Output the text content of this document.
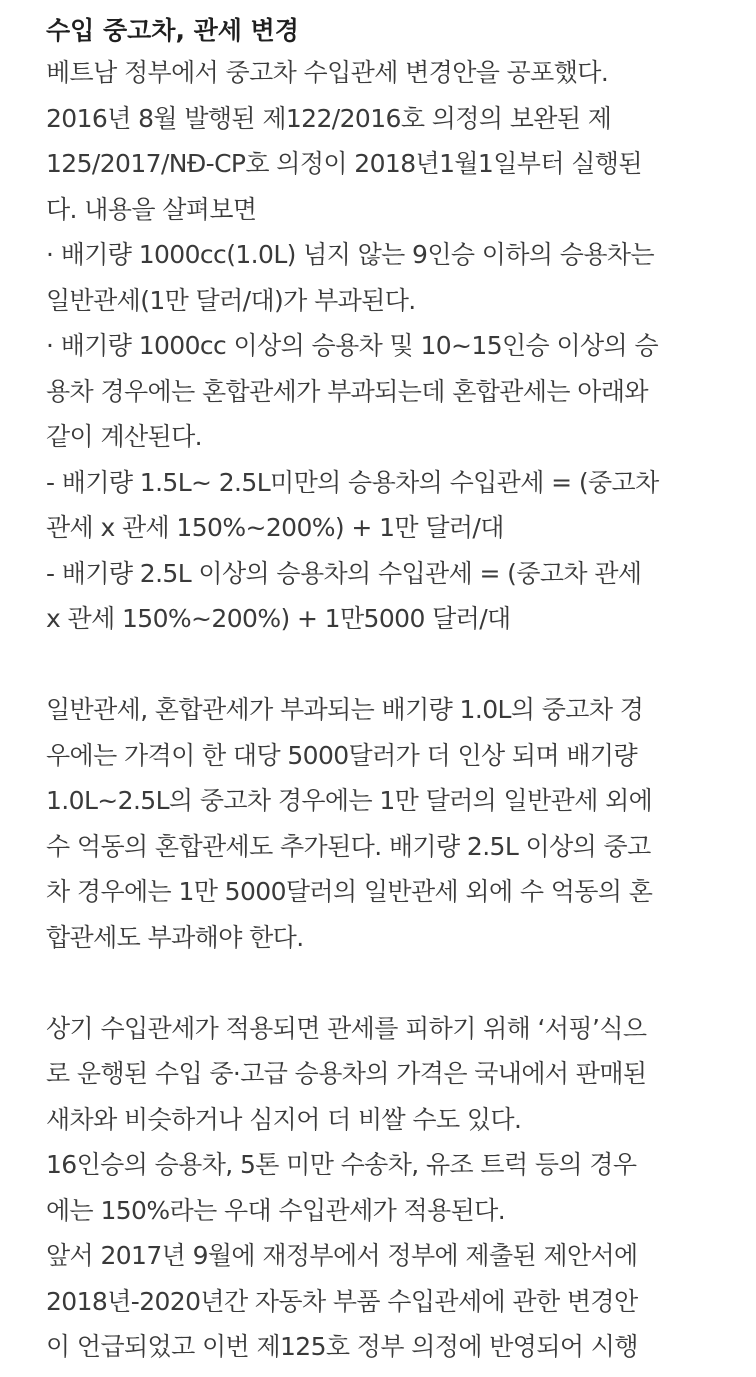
수입 중고차, 관세 변경
베트남 정부에서 중고차 수입관세 변경안을 공포했다.
2016년 8월 발행된 제122/2016호 의정의 보완된 제
125/2017/NĐ-CP호 의정이 2018년1월1일부터 실행된
다. 내용을 살펴보면
· 배기량 1000cc(1.0L) 넘지 않는 9인승 이하의 승용차는
일반관세(1만 달러/대)가 부과된다.
· 배기량 1000cc 이상의 승용차 및 10~15인승 이상의 승
용차 경우에는 혼합관세가 부과되는데 혼합관세는 아래와
같이 계산된다.
- 배기량 1.5L~ 2.5L미만의 승용차의 수입관세 = (중고차
관세 x 관세 150%~200%) + 1만 달러/대
- 배기량 2.5L 이상의 승용차의 수입관세 = (중고차 관세
x 관세 150%~200%) + 1만5000 달러/대
일반관세, 혼합관세가 부과되는 배기량 1.0L의 중고차 경
우에는 가격이 한 대당 5000달러가 더 인상 되며 배기량
1.0L~2.5L의 중고차 경우에는 1만 달러의 일반관세 외에
수 억동의 혼합관세도 추가된다. 배기량 2.5L 이상의 중고
차 경우에는 1만 5000달러의 일반관세 외에 수 억동의 혼
합관세도 부과해야 한다.
상기 수입관세가 적용되면 관세를 피하기 위해 ‘서핑’식으
로 운행된 수입 중·고급 승용차의 가격은 국내에서 판매된
새차와 비슷하거나 심지어 더 비쌀 수도 있다.
16인승의 승용차, 5톤 미만 수송차, 유조 트럭 등의 경우
에는 150%라는 우대 수입관세가 적용된다.
앞서 2017년 9월에 재정부에서 정부에 제출된 제안서에
2018년-2020년간 자동차 부품 수입관세에 관한 변경안
이 언급되었고 이번 제125호 정부 의정에 반영되어 시행
